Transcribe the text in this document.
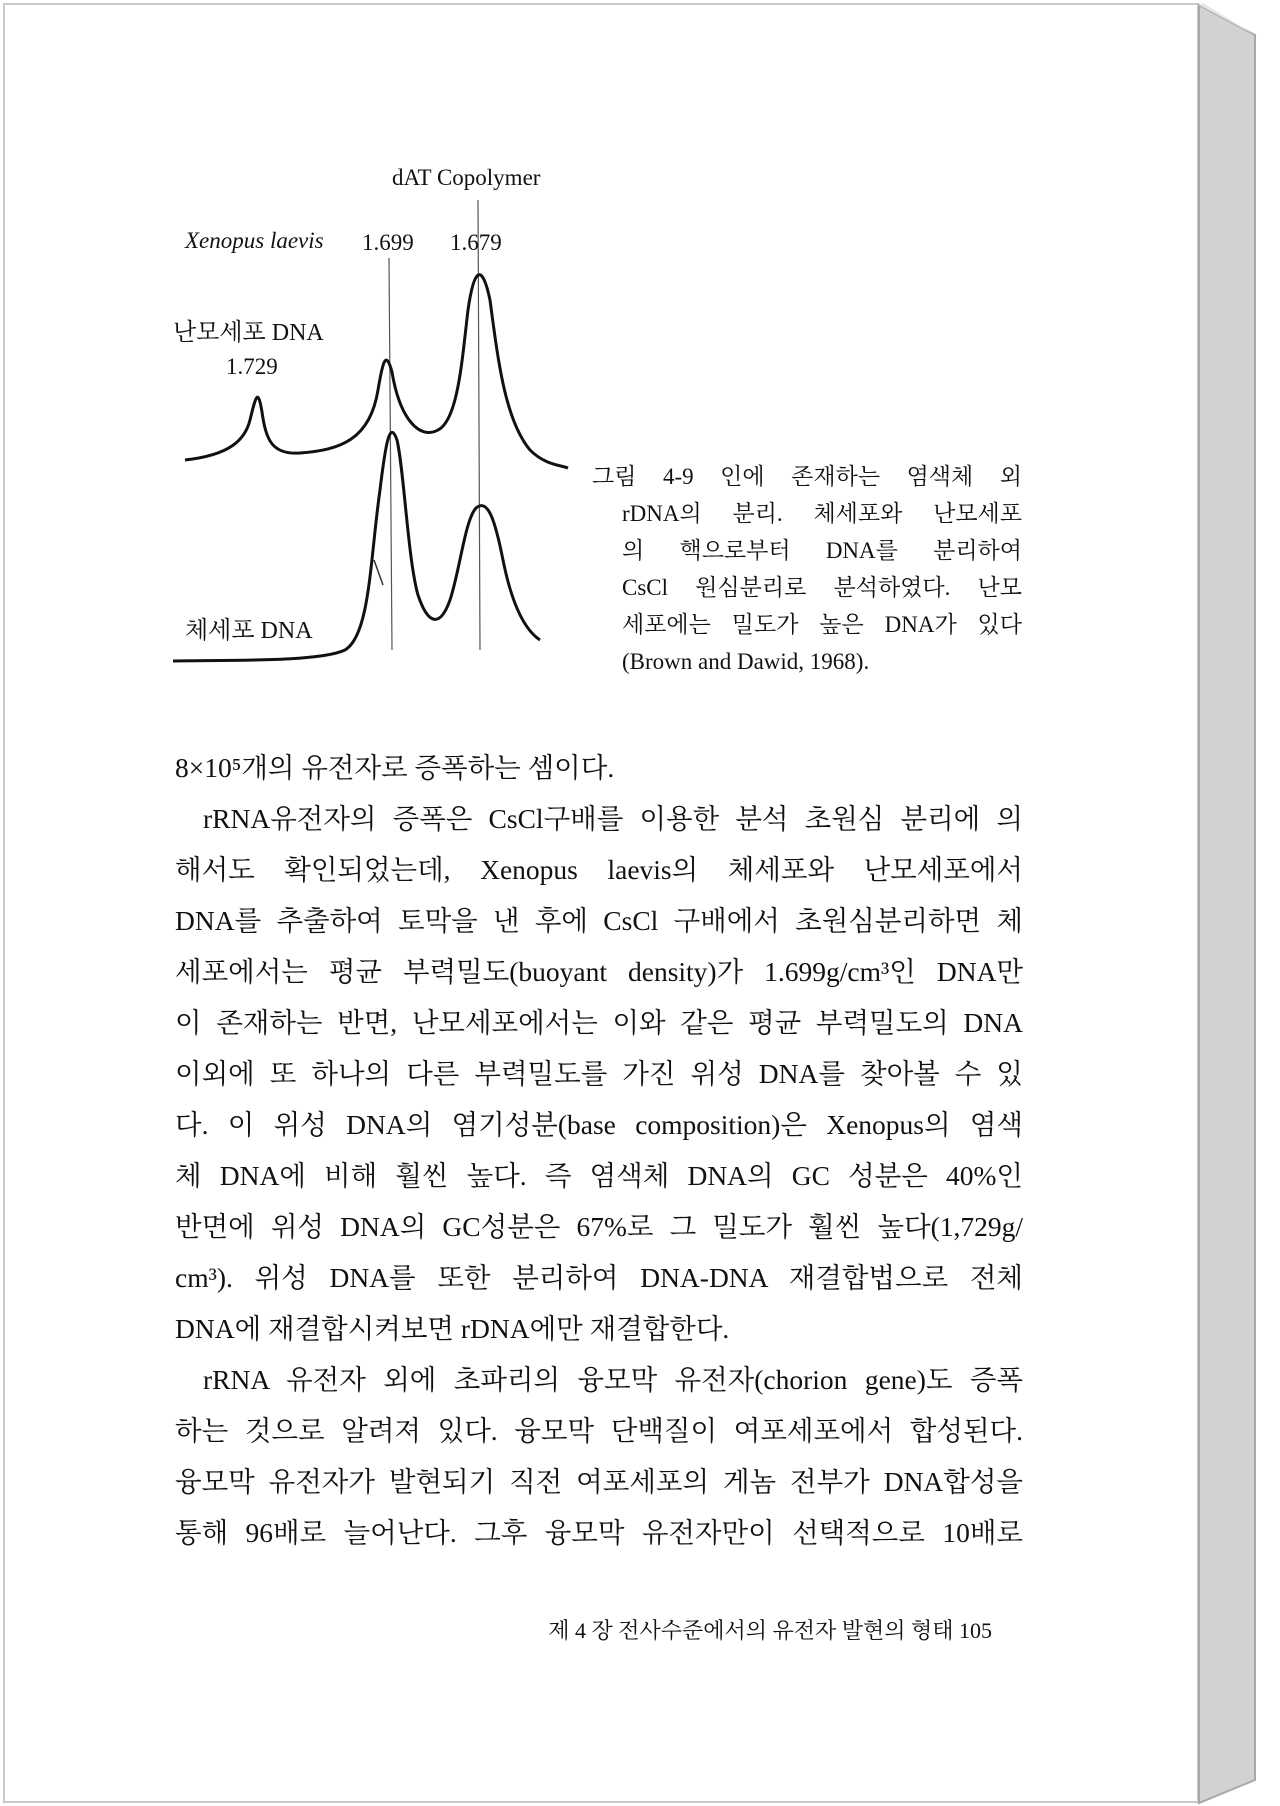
dAT Copolymer
Xenopus laevis 1.699 1.679
난모세포 DNA
1.729
체세포 DNA
그림 4-9 인에 존재하는 염색체 외
rDNA의 분리. 체세포와 난모세포
의 핵으로부터 DNA를 분리하여
CsCl 원심분리로 분석하였다. 난모
세포에는 밀도가 높은 DNA가 있다
(Brown and Dawid, 1968).
8×10⁵개의 유전자로 증폭하는 셈이다.
rRNA유전자의 증폭은 CsCl구배를 이용한 분석 초원심 분리에 의
해서도 확인되었는데, Xenopus laevis의 체세포와 난모세포에서
DNA를 추출하여 토막을 낸 후에 CsCl 구배에서 초원심분리하면 체
세포에서는 평균 부력밀도(buoyant density)가 1.699g/cm³인 DNA만
이 존재하는 반면, 난모세포에서는 이와 같은 평균 부력밀도의 DNA
이외에 또 하나의 다른 부력밀도를 가진 위성 DNA를 찾아볼 수 있
다. 이 위성 DNA의 염기성분(base composition)은 Xenopus의 염색
체 DNA에 비해 훨씬 높다. 즉 염색체 DNA의 GC 성분은 40%인
반면에 위성 DNA의 GC성분은 67%로 그 밀도가 훨씬 높다(1,729g/
cm³). 위성 DNA를 또한 분리하여 DNA-DNA 재결합법으로 전체
DNA에 재결합시켜보면 rDNA에만 재결합한다.
rRNA 유전자 외에 초파리의 융모막 유전자(chorion gene)도 증폭
하는 것으로 알려져 있다. 융모막 단백질이 여포세포에서 합성된다.
융모막 유전자가 발현되기 직전 여포세포의 게놈 전부가 DNA합성을
통해 96배로 늘어난다. 그후 융모막 유전자만이 선택적으로 10배로
제 4 장 전사수준에서의 유전자 발현의 형태 105
